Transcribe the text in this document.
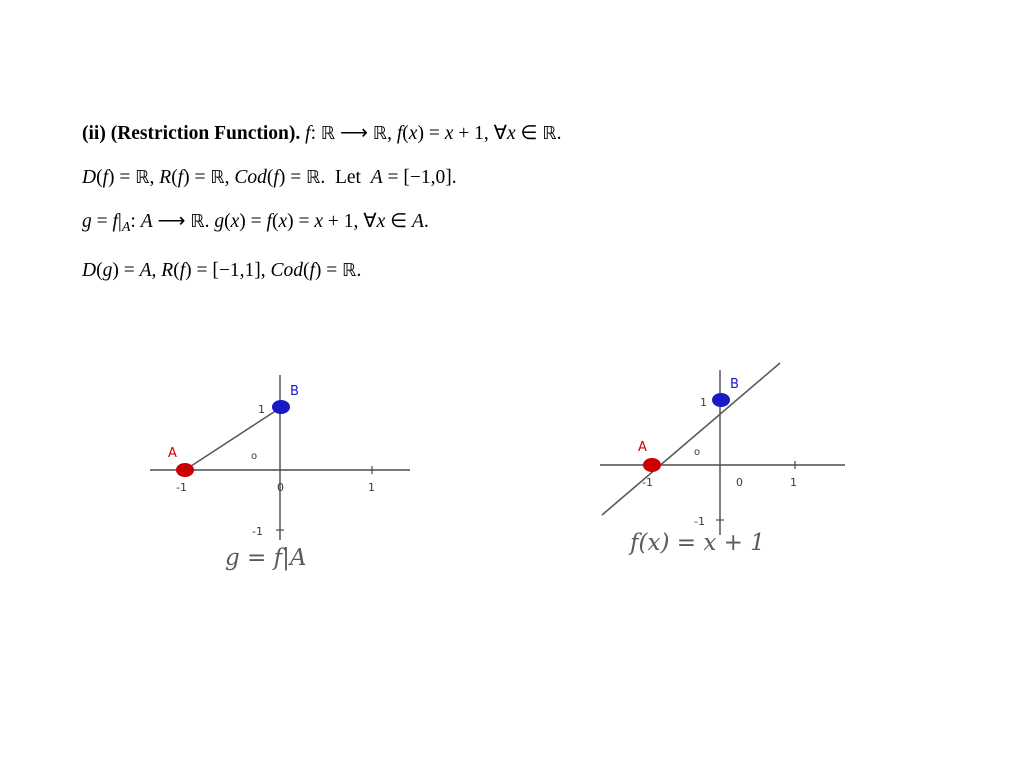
(ii) (Restriction Function). f: ℝ ⟶ ℝ, f(x) = x + 1, ∀x ∈ ℝ.
D(f) = ℝ, R(f) = ℝ, Cod(f) = ℝ.  Let  A = [−1,0].
$g = f|_A$: A ⟶ ℝ. g(x) = f(x) = x + 1, ∀x ∈ A.
D(g) = A, R(f) = [−1,1], Cod(f) = ℝ.
A
B
-1	1
1
-1
o
0
g = f|A
A
B
-1	1
1
-1
o
0
f(x) = x + 1
